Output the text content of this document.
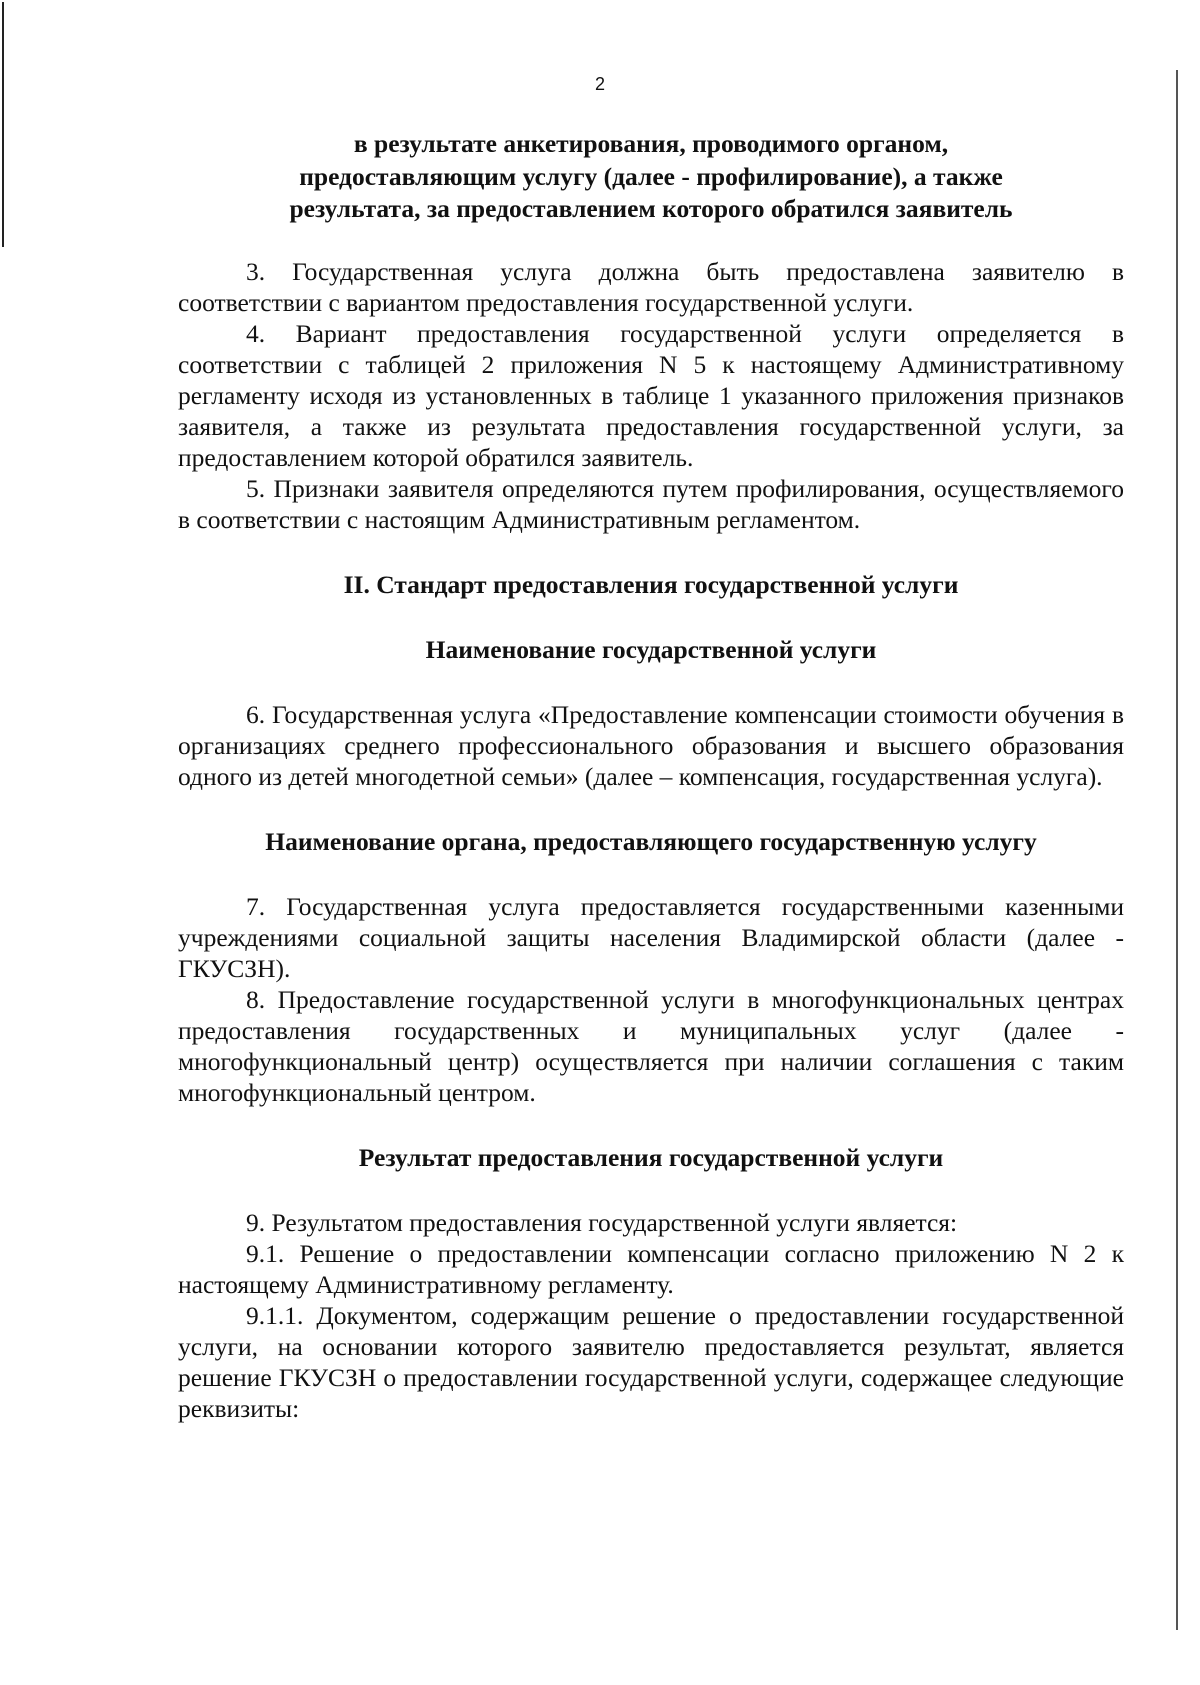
2

в результате анкетирования, проводимого органом,

предоставляющим услугу (далее - профилирование), а также

результата, за предоставлением которого обратился заявитель

3. Государственная услуга должна быть предоставлена заявителю в соответствии с вариантом предоставления государственной услуги.

4. Вариант предоставления государственной услуги определяется в соответствии с таблицей 2 приложения N 5 к настоящему Административному регламенту исходя из установленных в таблице 1 указанного приложения признаков заявителя, а также из результата предоставления государственной услуги, за предоставлением которой обратился заявитель.

5. Признаки заявителя определяются путем профилирования, осуществляемого в соответствии с настоящим Административным регламентом.

II. Стандарт предоставления государственной услуги

Наименование государственной услуги

6. Государственная услуга «Предоставление компенсации стоимости обучения в организациях среднего профессионального образования и высшего образования одного из детей многодетной семьи» (далее – компенсация, государственная услуга).

Наименование органа, предоставляющего государственную услугу

7. Государственная услуга предоставляется государственными казенными учреждениями социальной защиты населения Владимирской области (далее - ГКУСЗН).

8. Предоставление государственной услуги в многофункциональных центрах предоставления государственных и муниципальных услуг (далее - многофункциональный центр) осуществляется при наличии соглашения с таким многофункциональный центром.

Результат предоставления государственной услуги

9. Результатом предоставления государственной услуги является:

9.1. Решение о предоставлении компенсации согласно приложению N 2 к настоящему Административному регламенту.

9.1.1. Документом, содержащим решение о предоставлении государственной услуги, на основании которого заявителю предоставляется результат, является решение ГКУСЗН о предоставлении государственной услуги, содержащее следующие реквизиты:
